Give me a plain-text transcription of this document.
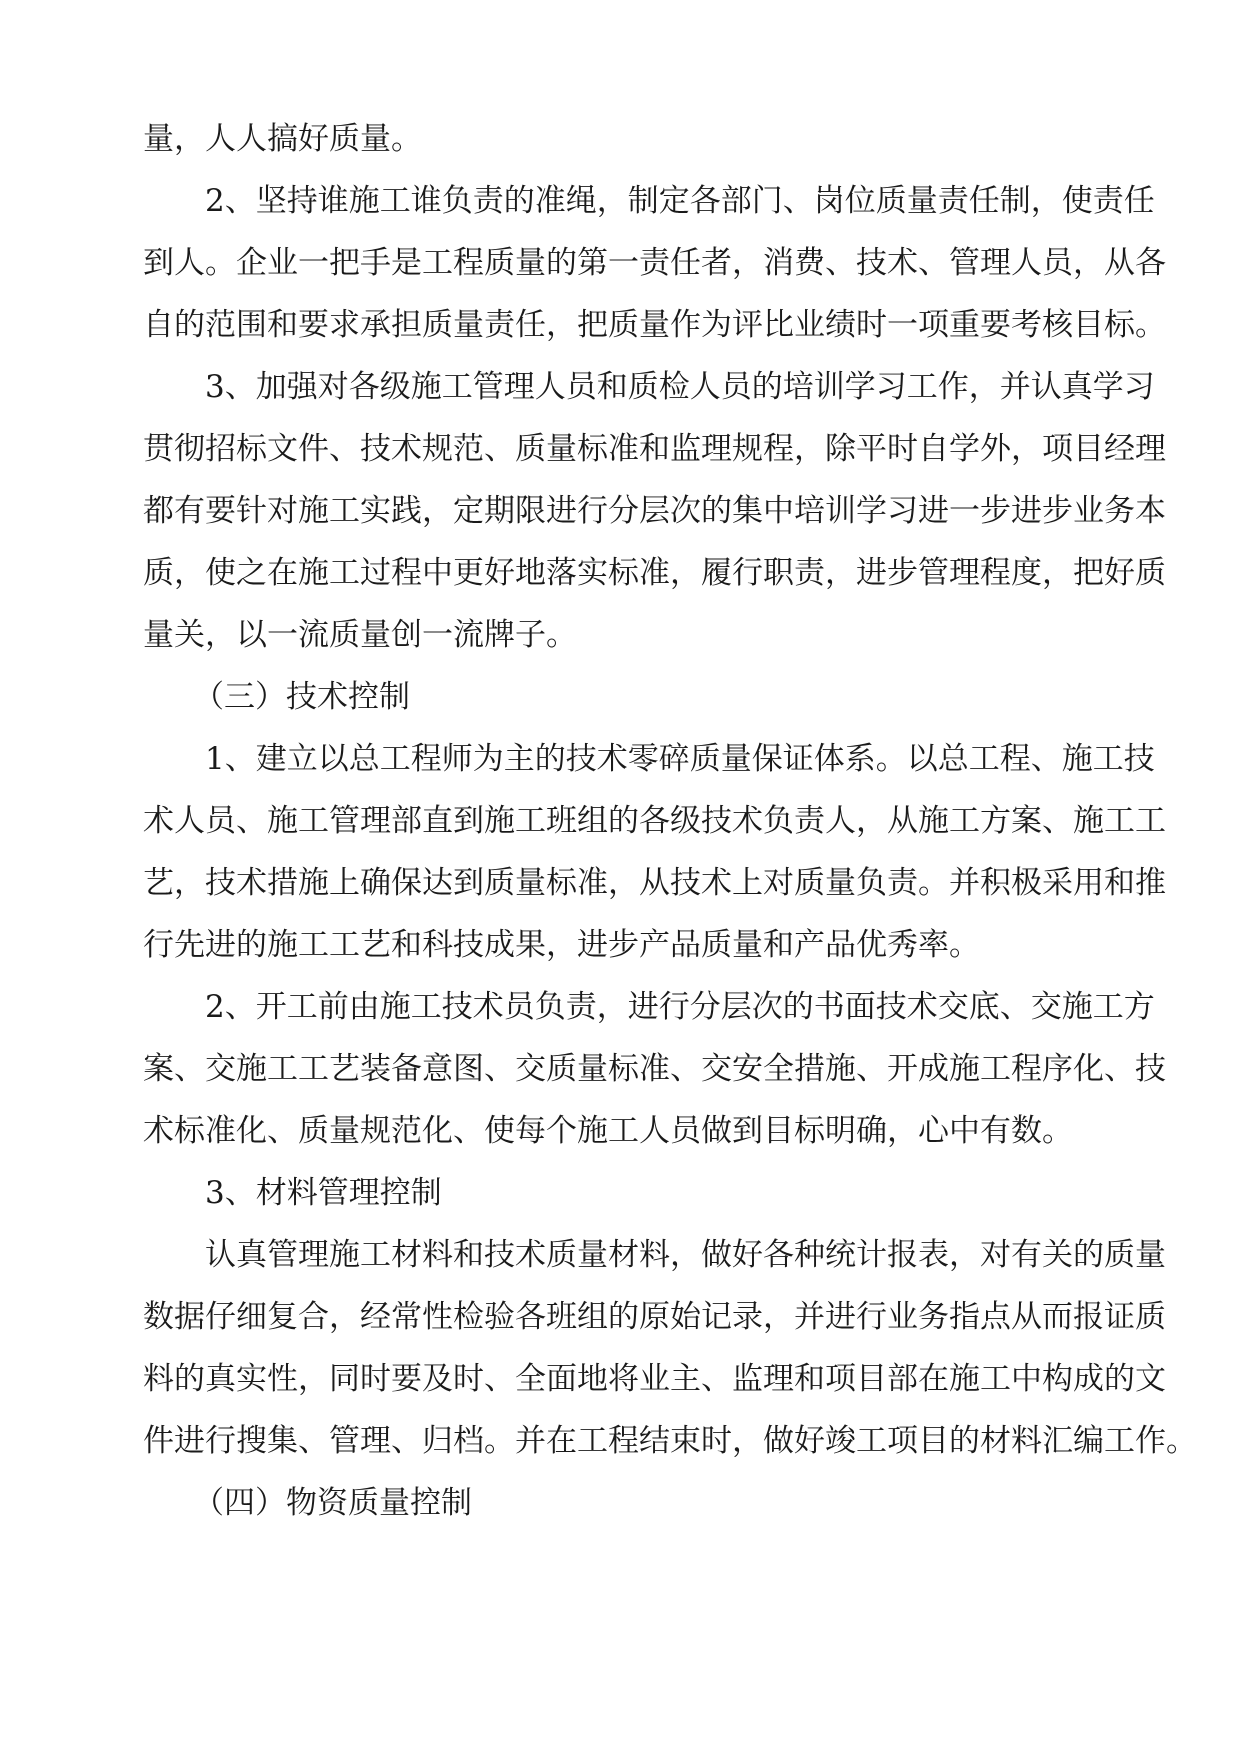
量，人人搞好质量。
2、坚持谁施工谁负责的准绳，制定各部门、岗位质量责任制，使责任
到人。企业一把手是工程质量的第一责任者，消费、技术、管理人员，从各
自的范围和要求承担质量责任，把质量作为评比业绩时一项重要考核目标。
3、加强对各级施工管理人员和质检人员的培训学习工作，并认真学习
贯彻招标文件、技术规范、质量标准和监理规程，除平时自学外，项目经理
都有要针对施工实践，定期限进行分层次的集中培训学习进一步进步业务本
质，使之在施工过程中更好地落实标准，履行职责，进步管理程度，把好质
量关，以一流质量创一流牌子。
（三）技术控制
1、建立以总工程师为主的技术零碎质量保证体系。以总工程、施工技
术人员、施工管理部直到施工班组的各级技术负责人，从施工方案、施工工
艺，技术措施上确保达到质量标准，从技术上对质量负责。并积极采用和推
行先进的施工工艺和科技成果，进步产品质量和产品优秀率。
2、开工前由施工技术员负责，进行分层次的书面技术交底、交施工方
案、交施工工艺装备意图、交质量标准、交安全措施、开成施工程序化、技
术标准化、质量规范化、使每个施工人员做到目标明确，心中有数。
3、材料管理控制
认真管理施工材料和技术质量材料，做好各种统计报表，对有关的质量
数据仔细复合，经常性检验各班组的原始记录，并进行业务指点从而报证质
料的真实性，同时要及时、全面地将业主、监理和项目部在施工中构成的文
件进行搜集、管理、归档。并在工程结束时，做好竣工项目的材料汇编工作。
（四）物资质量控制
